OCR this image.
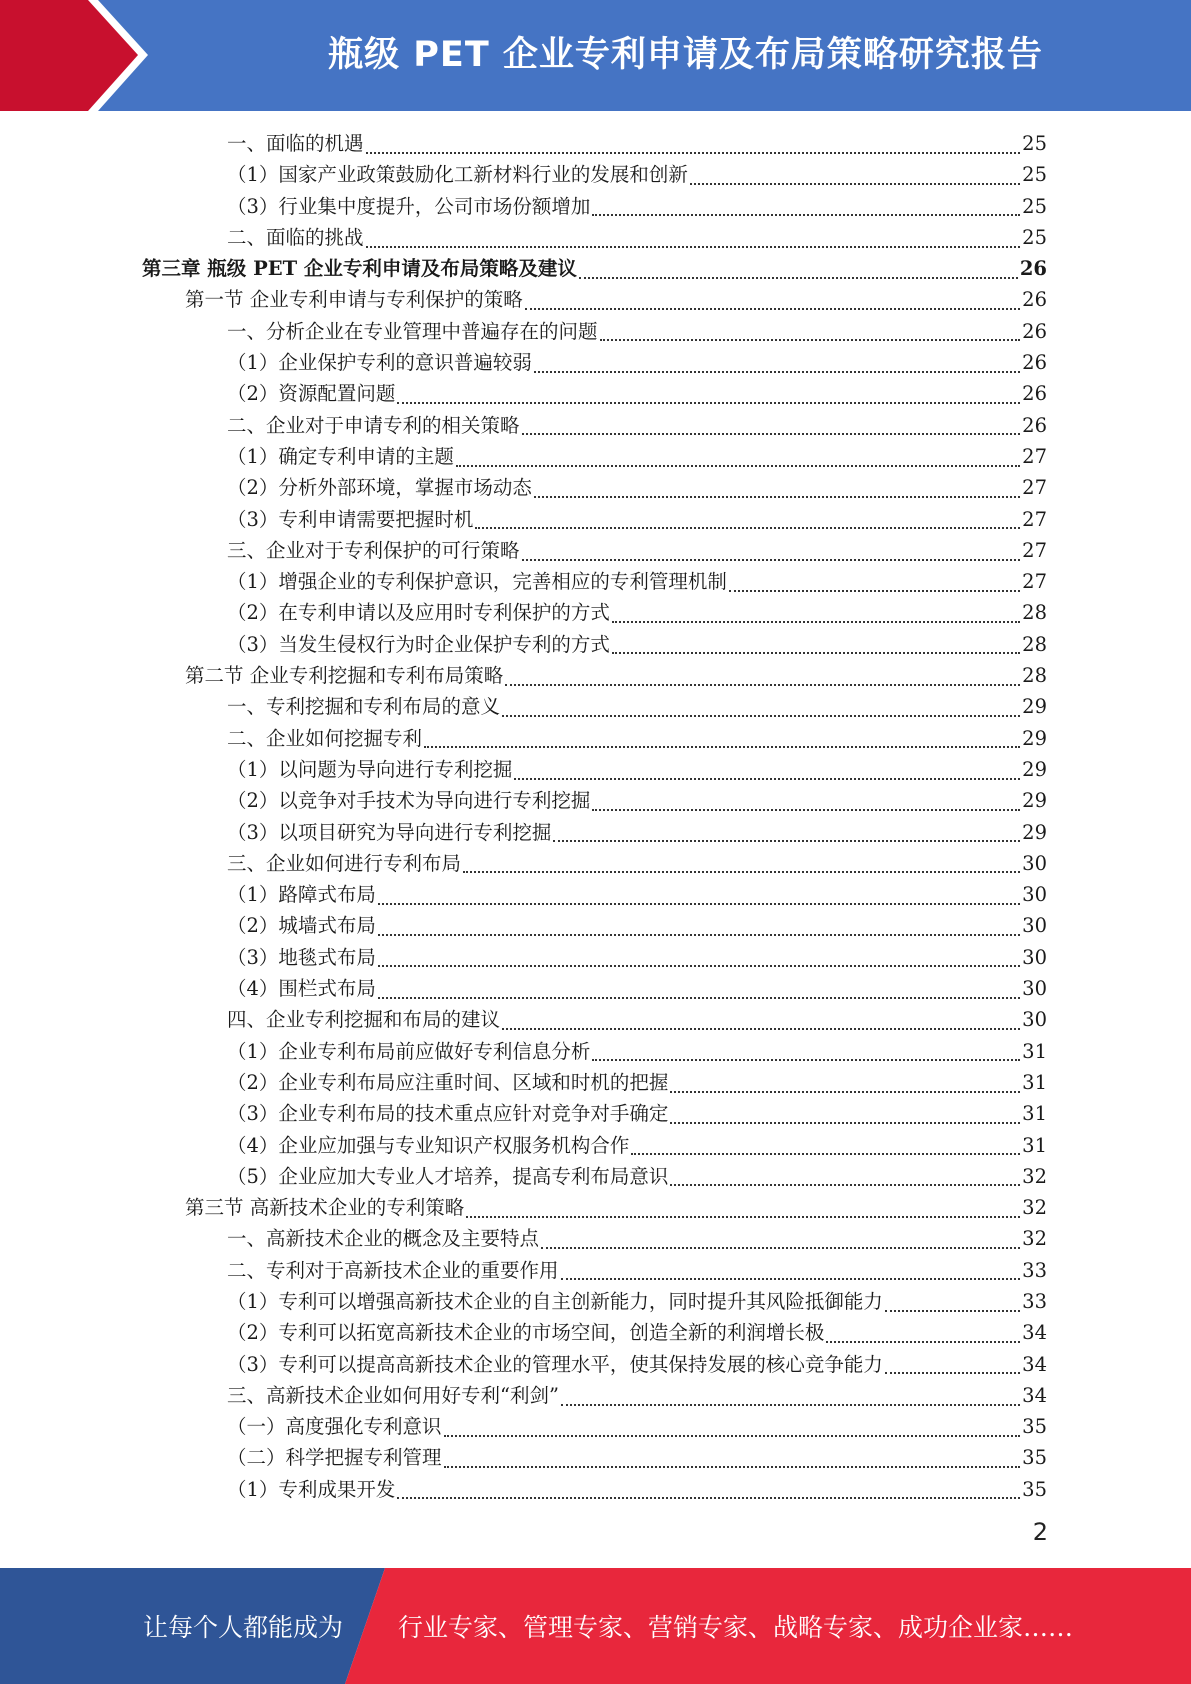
瓶级 PET 企业专利申请及布局策略研究报告
一、面临的机遇	25
（1）国家产业政策鼓励化工新材料行业的发展和创新	25
（3）行业集中度提升，公司市场份额增加	25
二、面临的挑战	25
第三章 瓶级 PET 企业专利申请及布局策略及建议	26
第一节 企业专利申请与专利保护的策略	26
一、分析企业在专业管理中普遍存在的问题	26
（1）企业保护专利的意识普遍较弱	26
（2）资源配置问题	26
二、企业对于申请专利的相关策略	26
（1）确定专利申请的主题	27
（2）分析外部环境，掌握市场动态	27
（3）专利申请需要把握时机	27
三、企业对于专利保护的可行策略	27
（1）增强企业的专利保护意识，完善相应的专利管理机制	27
（2）在专利申请以及应用时专利保护的方式	28
（3）当发生侵权行为时企业保护专利的方式	28
第二节 企业专利挖掘和专利布局策略	28
一、专利挖掘和专利布局的意义	29
二、企业如何挖掘专利	29
（1）以问题为导向进行专利挖掘	29
（2）以竞争对手技术为导向进行专利挖掘	29
（3）以项目研究为导向进行专利挖掘	29
三、企业如何进行专利布局	30
（1）路障式布局	30
（2）城墙式布局	30
（3）地毯式布局	30
（4）围栏式布局	30
四、企业专利挖掘和布局的建议	30
（1）企业专利布局前应做好专利信息分析	31
（2）企业专利布局应注重时间、区域和时机的把握	31
（3）企业专利布局的技术重点应针对竞争对手确定	31
（4）企业应加强与专业知识产权服务机构合作	31
（5）企业应加大专业人才培养，提高专利布局意识	32
第三节 高新技术企业的专利策略	32
一、高新技术企业的概念及主要特点	32
二、专利对于高新技术企业的重要作用	33
（1）专利可以增强高新技术企业的自主创新能力，同时提升其风险抵御能力	33
（2）专利可以拓宽高新技术企业的市场空间，创造全新的利润增长极	34
（3）专利可以提高高新技术企业的管理水平，使其保持发展的核心竞争能力	34
三、高新技术企业如何用好专利“利剑”	34
（一）高度强化专利意识	35
（二）科学把握专利管理	35
（1）专利成果开发	35
2
让每个人都能成为 行业专家、管理专家、营销专家、战略专家、成功企业家……
